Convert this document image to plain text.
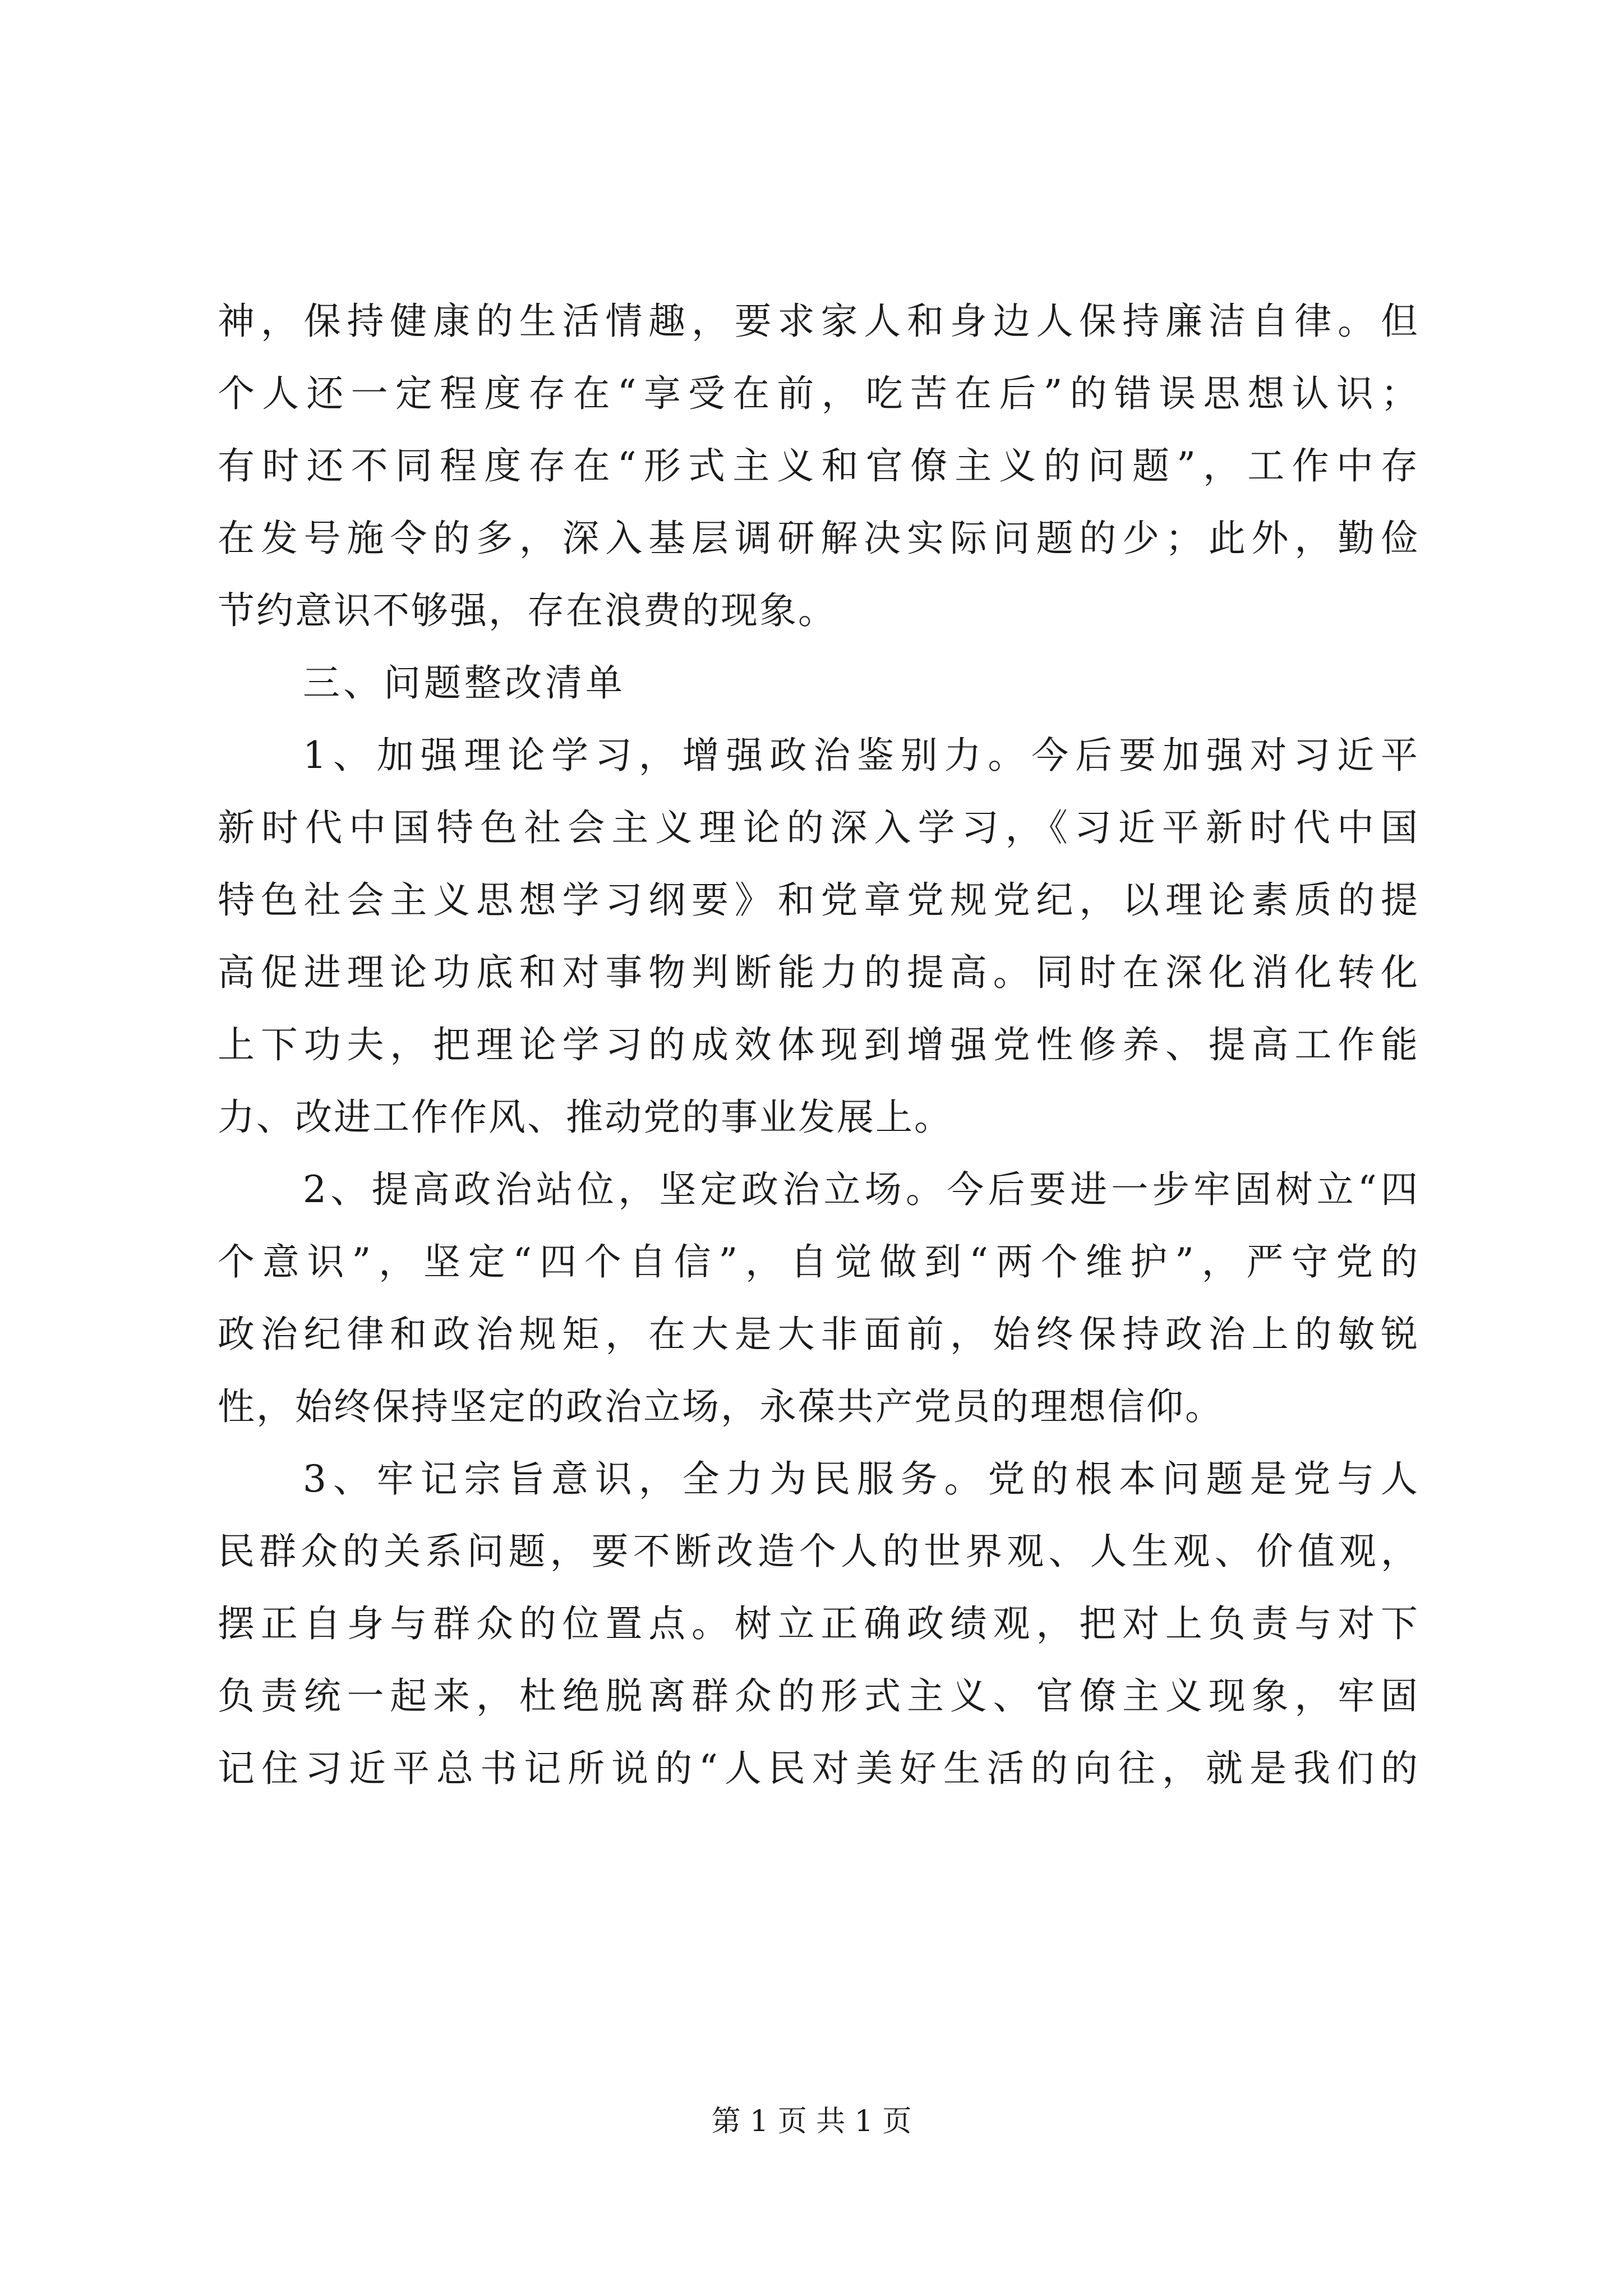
神，保持健康的生活情趣，要求家人和身边人保持廉洁自律。但
个人还一定程度存在“享受在前，吃苦在后”的错误思想认识；
有时还不同程度存在“形式主义和官僚主义的问题”，工作中存
在发号施令的多，深入基层调研解决实际问题的少；此外，勤俭
节约意识不够强，存在浪费的现象。
三、问题整改清单
1、加强理论学习，增强政治鉴别力。今后要加强对习近平
新时代中国特色社会主义理论的深入学习，《习近平新时代中国
特色社会主义思想学习纲要》和党章党规党纪，以理论素质的提
高促进理论功底和对事物判断能力的提高。同时在深化消化转化
上下功夫，把理论学习的成效体现到增强党性修养、提高工作能
力、改进工作作风、推动党的事业发展上。
2、提高政治站位，坚定政治立场。今后要进一步牢固树立“四
个意识”，坚定“四个自信”，自觉做到“两个维护”，严守党的
政治纪律和政治规矩，在大是大非面前，始终保持政治上的敏锐
性，始终保持坚定的政治立场，永葆共产党员的理想信仰。
3、牢记宗旨意识，全力为民服务。党的根本问题是党与人
民群众的关系问题，要不断改造个人的世界观、人生观、价值观，
摆正自身与群众的位置点。树立正确政绩观，把对上负责与对下
负责统一起来，杜绝脱离群众的形式主义、官僚主义现象，牢固
记住习近平总书记所说的“人民对美好生活的向往，就是我们的
第 1 页 共 1 页
